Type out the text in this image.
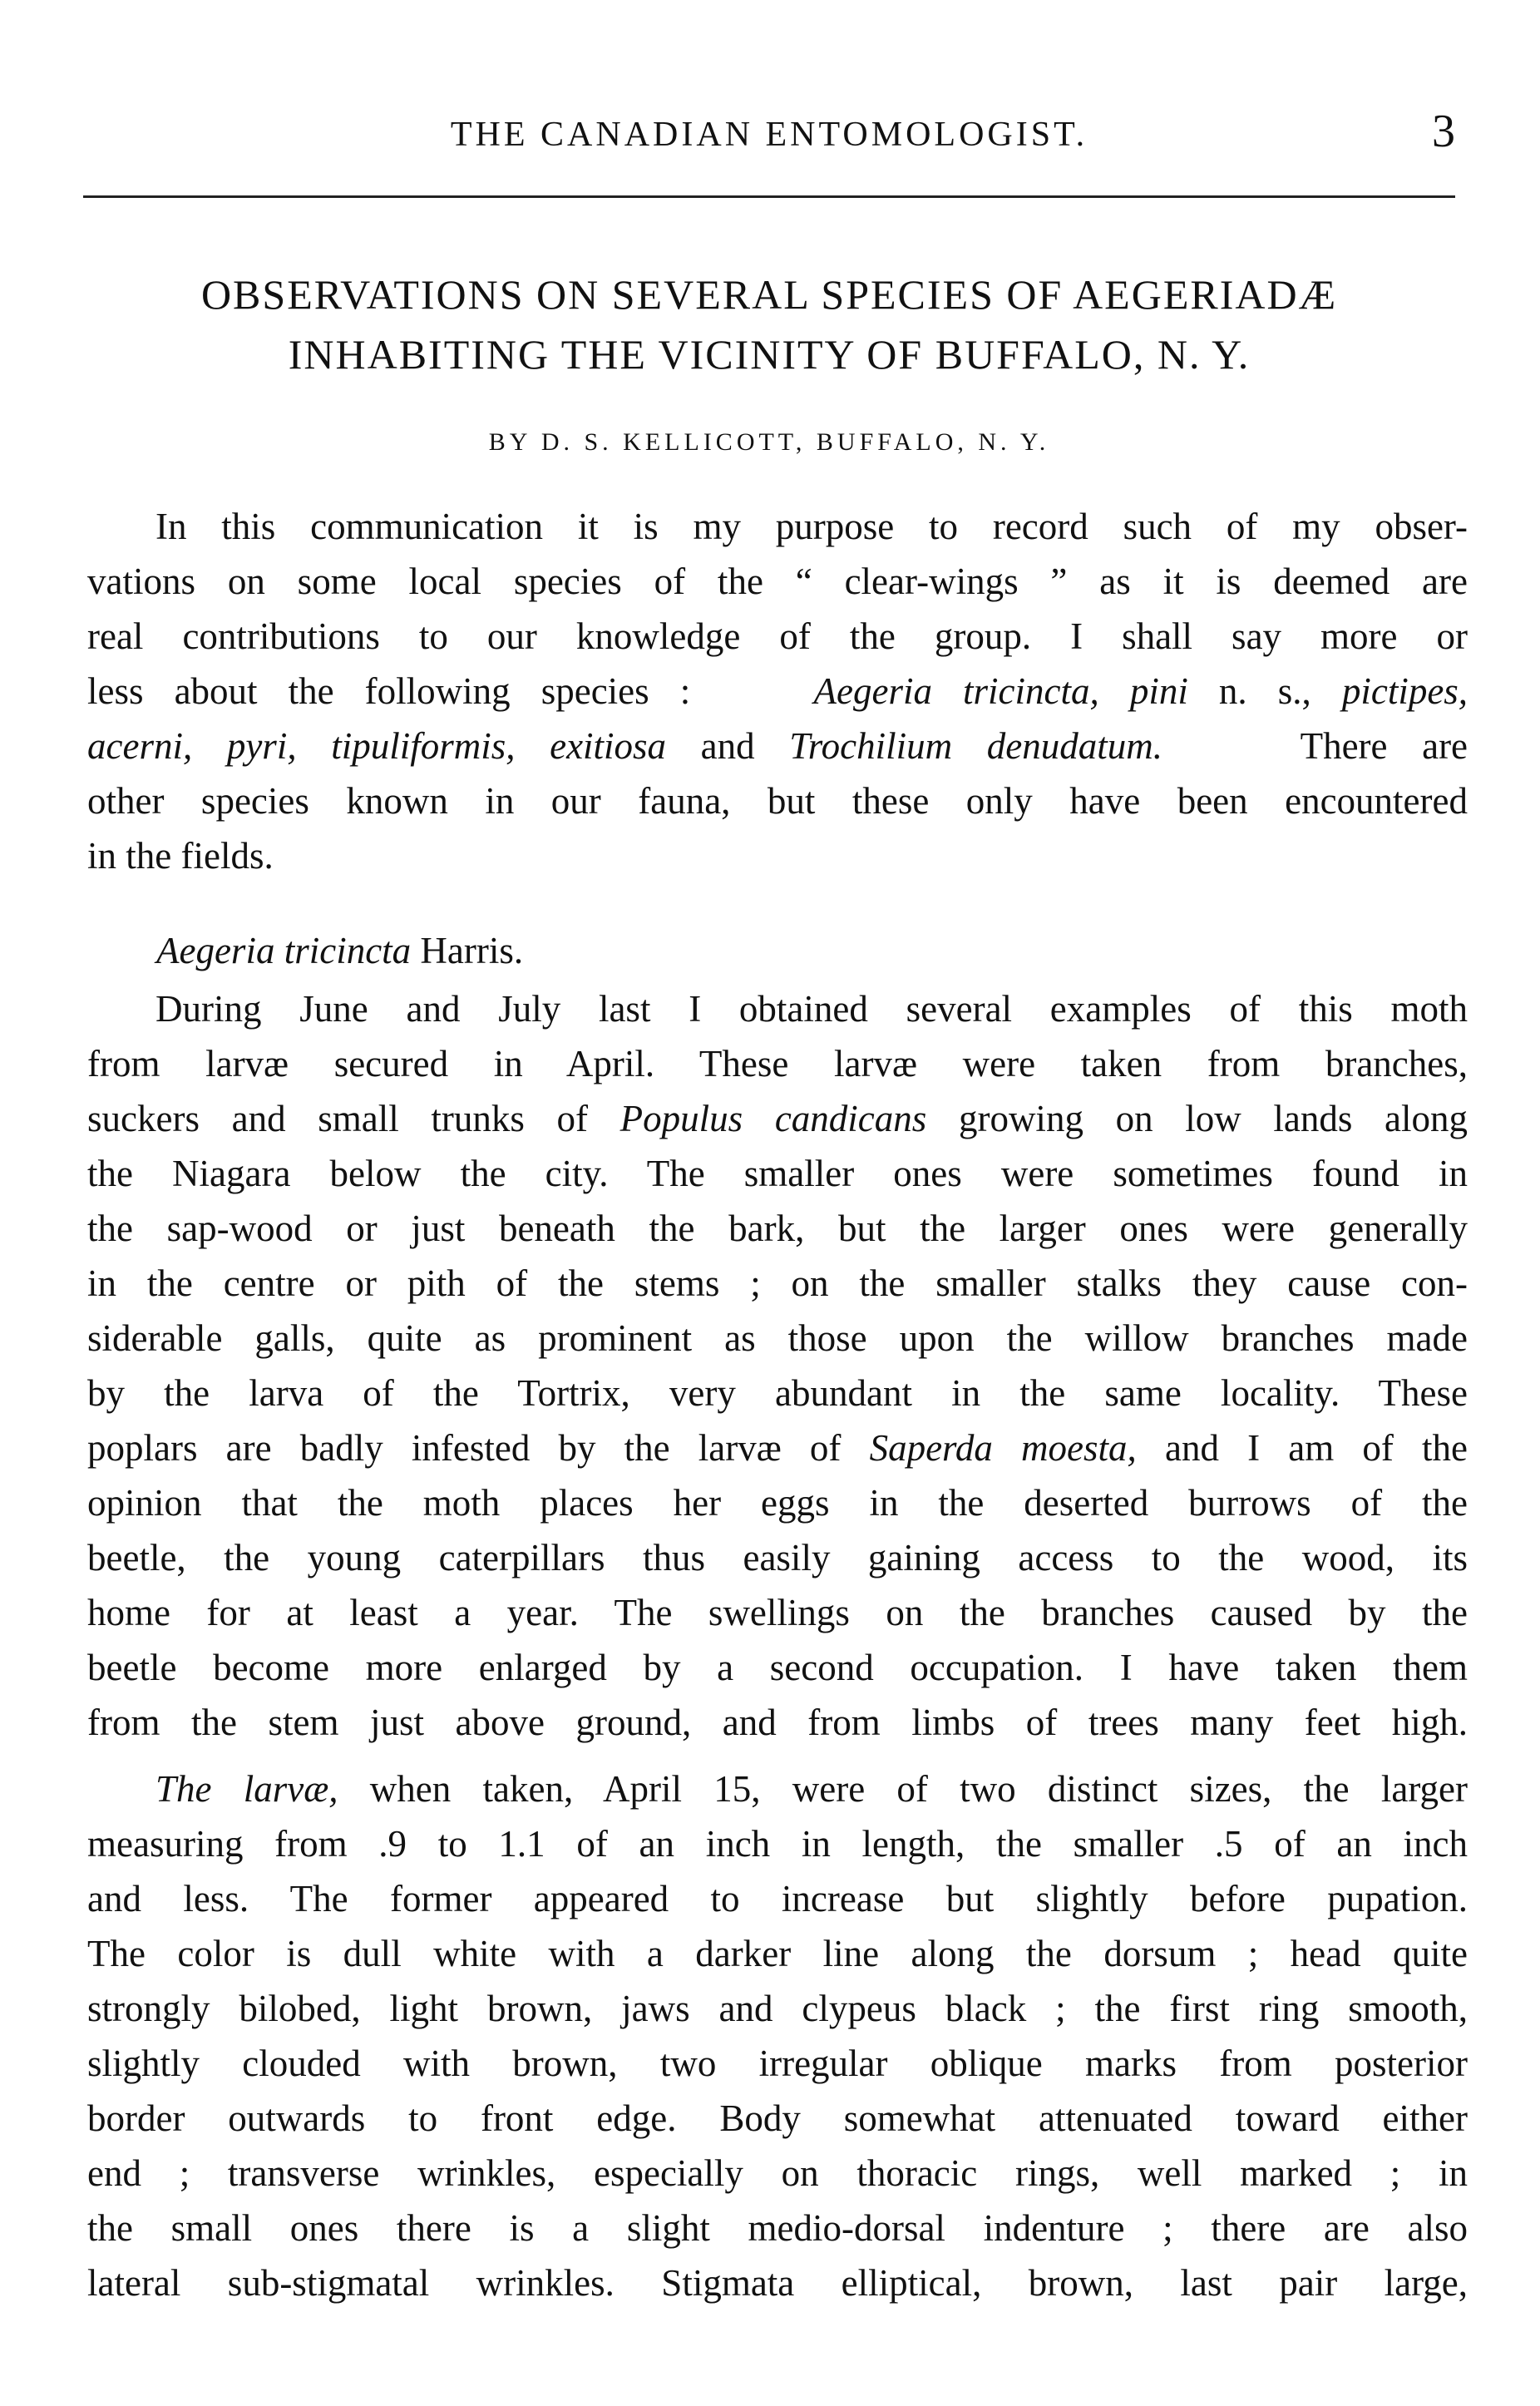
THE CANADIAN ENTOMOLOGIST.	3
OBSERVATIONS ON SEVERAL SPECIES OF AEGERIADÆ
INHABITING THE VICINITY OF BUFFALO, N. Y.
BY D. S. KELLICOTT, BUFFALO, N. Y.
In this communication it is my purpose to record such of my obser-
vations on some local species of the “ clear-wings ” as it is deemed are
real contributions to our knowledge of the group. I shall say more or
less about the following species :	Aegeria tricincta, pini n. s., pictipes,
acerni, pyri, tipuliformis, exitiosa and Trochilium denudatum.	There are
other species known in our fauna, but these only have been encountered
in the fields.
Aegeria tricincta Harris.
During June and July last I obtained several examples of this moth
from larvæ secured in April. These larvæ were taken from branches,
suckers and small trunks of Populus candicans growing on low lands along
the Niagara below the city. The smaller ones were sometimes found in
the sap-wood or just beneath the bark, but the larger ones were generally
in the centre or pith of the stems ; on the smaller stalks they cause con-
siderable galls, quite as prominent as those upon the willow branches made
by the larva of the Tortrix, very abundant in the same locality. These
poplars are badly infested by the larvæ of Saperda moesta, and I am of the
opinion that the moth places her eggs in the deserted burrows of the
beetle, the young caterpillars thus easily gaining access to the wood, its
home for at least a year. The swellings on the branches caused by the
beetle become more enlarged by a second occupation. I have taken them
from the stem just above ground, and from limbs of trees many feet high.
The larvæ, when taken, April 15, were of two distinct sizes, the larger
measuring from .9 to 1.1 of an inch in length, the smaller .5 of an inch
and less. The former appeared to increase but slightly before pupation.
The color is dull white with a darker line along the dorsum ; head quite
strongly bilobed, light brown, jaws and clypeus black ; the first ring smooth,
slightly clouded with brown, two irregular oblique marks from posterior
border outwards to front edge. Body somewhat attenuated toward either
end ; transverse wrinkles, especially on thoracic rings, well marked ; in
the small ones there is a slight medio-dorsal indenture ; there are also
lateral sub-stigmatal wrinkles. Stigmata elliptical, brown, last pair large,
